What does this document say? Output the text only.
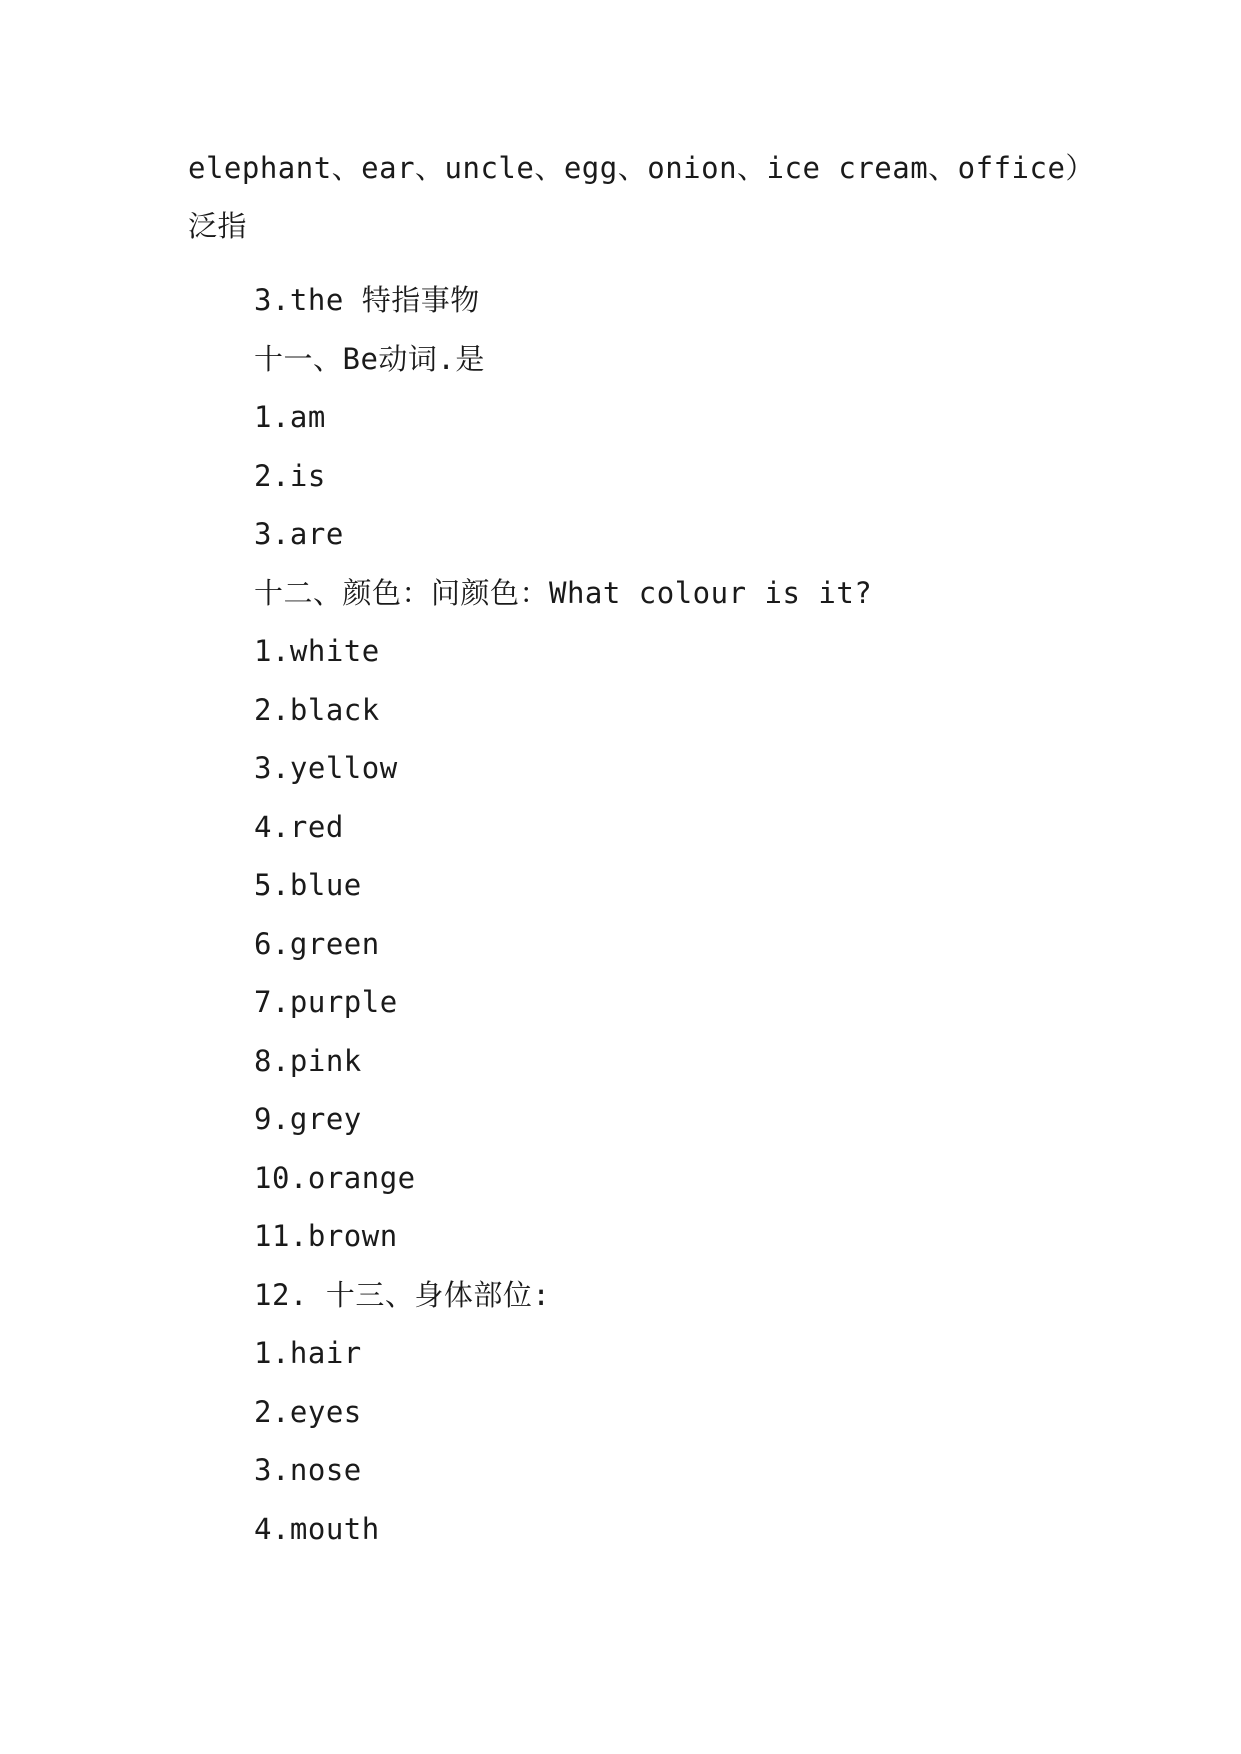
elephant、ear、uncle、egg、onion、ice cream、office）
泛指
3.the 特指事物
十一、Be动词.是
1.am
2.is
3.are
十二、颜色：问颜色：What colour is it?
1.white
2.black
3.yellow
4.red
5.blue
6.green
7.purple
8.pink
9.grey
10.orange
11.brown
12. 十三、身体部位:
1.hair
2.eyes
3.nose
4.mouth
